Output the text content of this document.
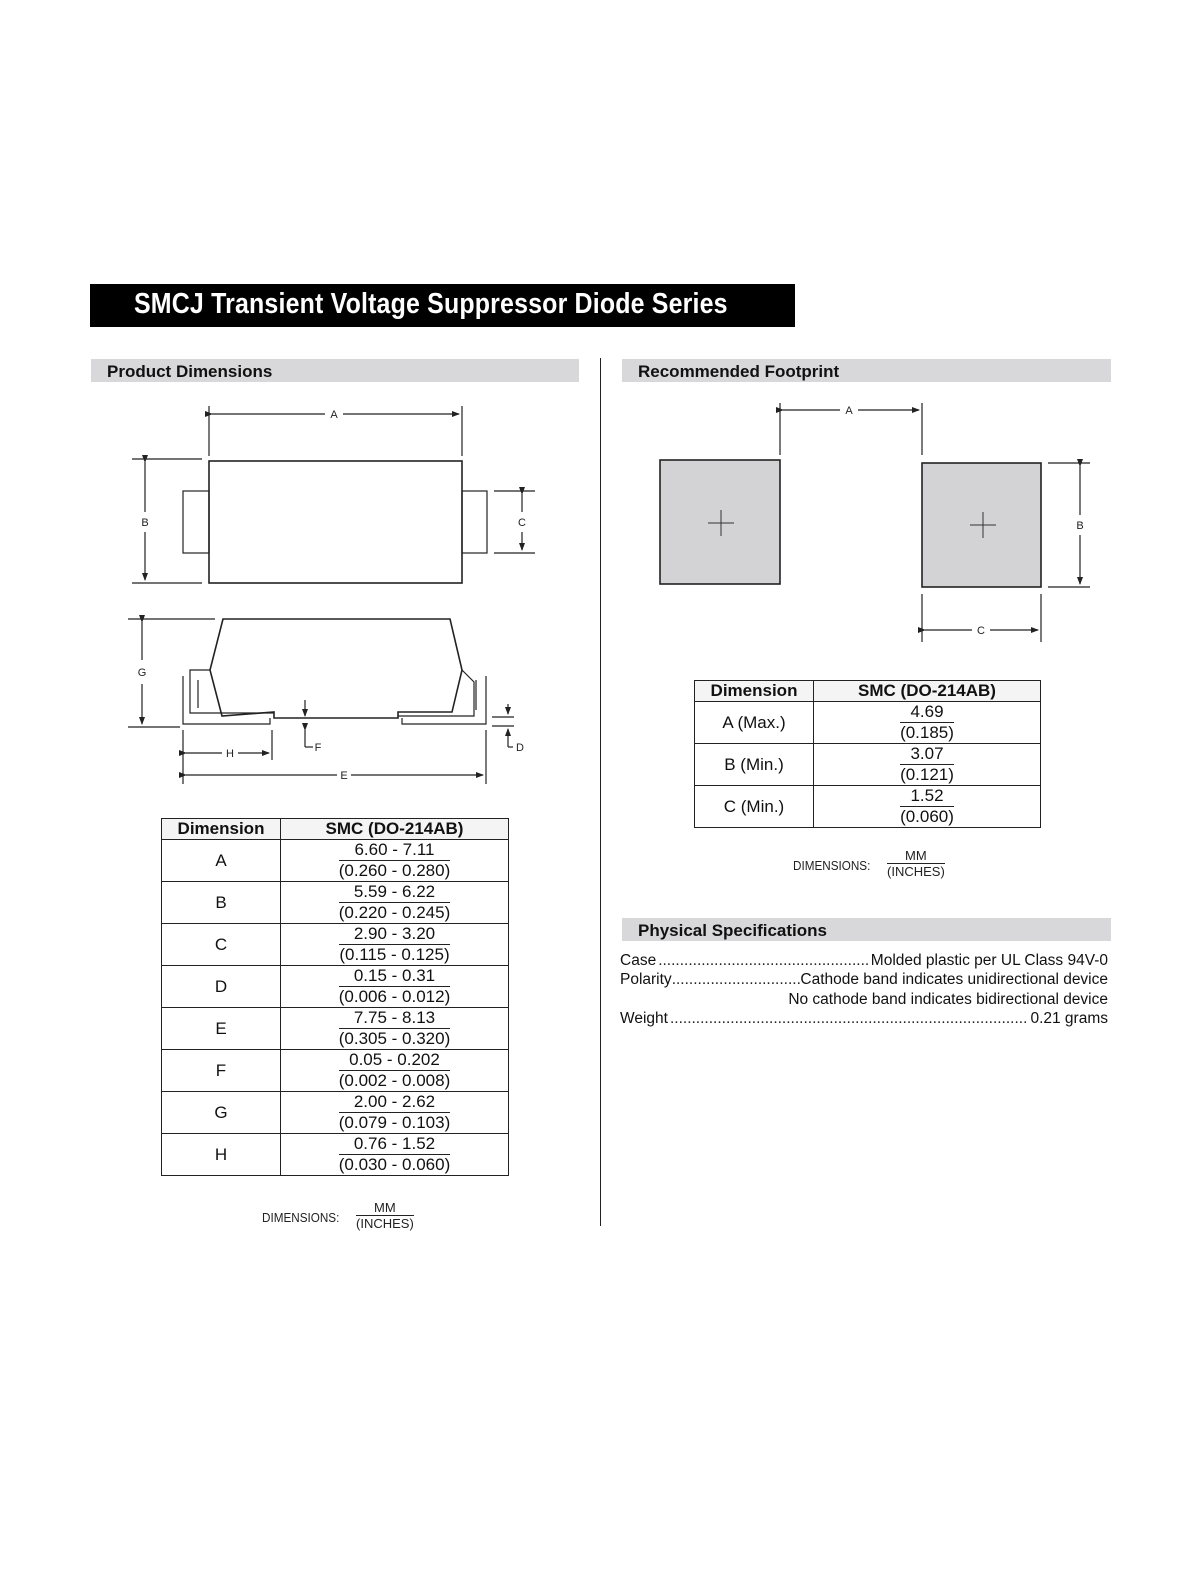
SMCJ Transient Voltage Suppressor Diode Series
Product Dimensions	Recommended Footprint
Physical Specifications
A
B	C
G
F	D
H
E
A
B
C
Dimension	SMC (DO-214AB)
A	$\frac{6.60 - 7.11}{(0.260 - 0.280)}$

B	$\frac{5.59 - 6.22}{(0.220 - 0.245)}$

C	$\frac{2.90 - 3.20}{(0.115 - 0.125)}$

D	$\frac{0.15 - 0.31}{(0.006 - 0.012)}$

E	$\frac{7.75 - 8.13}{(0.305 - 0.320)}$

F	$\frac{0.05 - 0.202}{(0.002 - 0.008)}$

G	$\frac{2.00 - 2.62}{(0.079 - 0.103)}$

H	$\frac{0.76 - 1.52}{(0.030 - 0.060)}$
Dimension	SMC (DO-214AB)
A (Max.)	$\frac{4.69}{(0.185)}$

B (Min.)	$\frac{3.07}{(0.121)}$

C (Min.)	$\frac{1.52}{(0.060)}$
DIMENSIONS:
MM
(INCHES)
DIMENSIONS:
MM
(INCHES)
Case .....	Molded plastic per UL Class 94V-0
Polarity .....	Cathode band indicates unidirectional device
No cathode band indicates bidirectional device
Weight .....	0.21 grams
